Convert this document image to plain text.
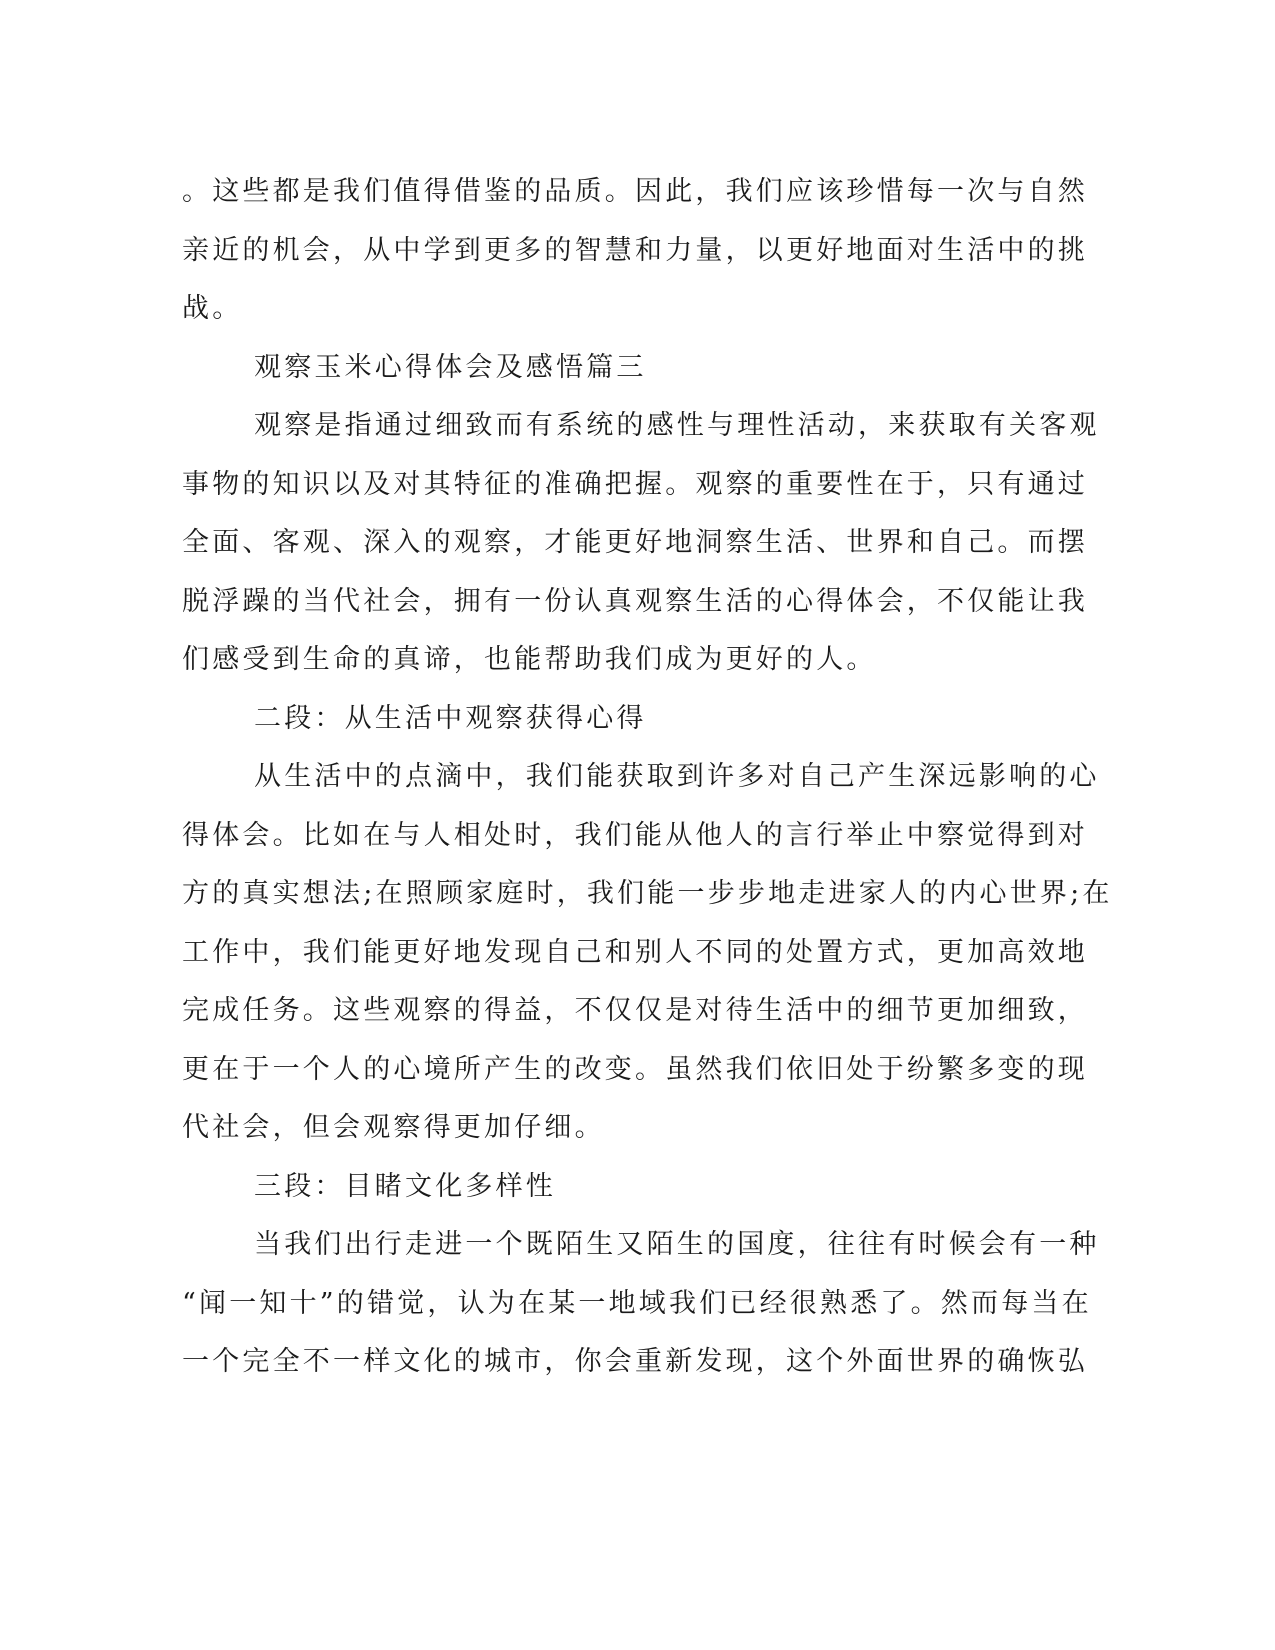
。这些都是我们值得借鉴的品质。因此，我们应该珍惜每一次与自然
亲近的机会，从中学到更多的智慧和力量，以更好地面对生活中的挑
战。
观察玉米心得体会及感悟篇三
观察是指通过细致而有系统的感性与理性活动，来获取有关客观
事物的知识以及对其特征的准确把握。观察的重要性在于，只有通过
全面、客观、深入的观察，才能更好地洞察生活、世界和自己。而摆
脱浮躁的当代社会，拥有一份认真观察生活的心得体会，不仅能让我
们感受到生命的真谛，也能帮助我们成为更好的人。
二段：从生活中观察获得心得
从生活中的点滴中，我们能获取到许多对自己产生深远影响的心
得体会。比如在与人相处时，我们能从他人的言行举止中察觉得到对
方的真实想法;在照顾家庭时，我们能一步步地走进家人的内心世界;在
工作中，我们能更好地发现自己和别人不同的处置方式，更加高效地
完成任务。这些观察的得益，不仅仅是对待生活中的细节更加细致，
更在于一个人的心境所产生的改变。虽然我们依旧处于纷繁多变的现
代社会，但会观察得更加仔细。
三段：目睹文化多样性
当我们出行走进一个既陌生又陌生的国度，往往有时候会有一种
“闻一知十”的错觉，认为在某一地域我们已经很熟悉了。然而每当在
一个完全不一样文化的城市，你会重新发现，这个外面世界的确恢弘
